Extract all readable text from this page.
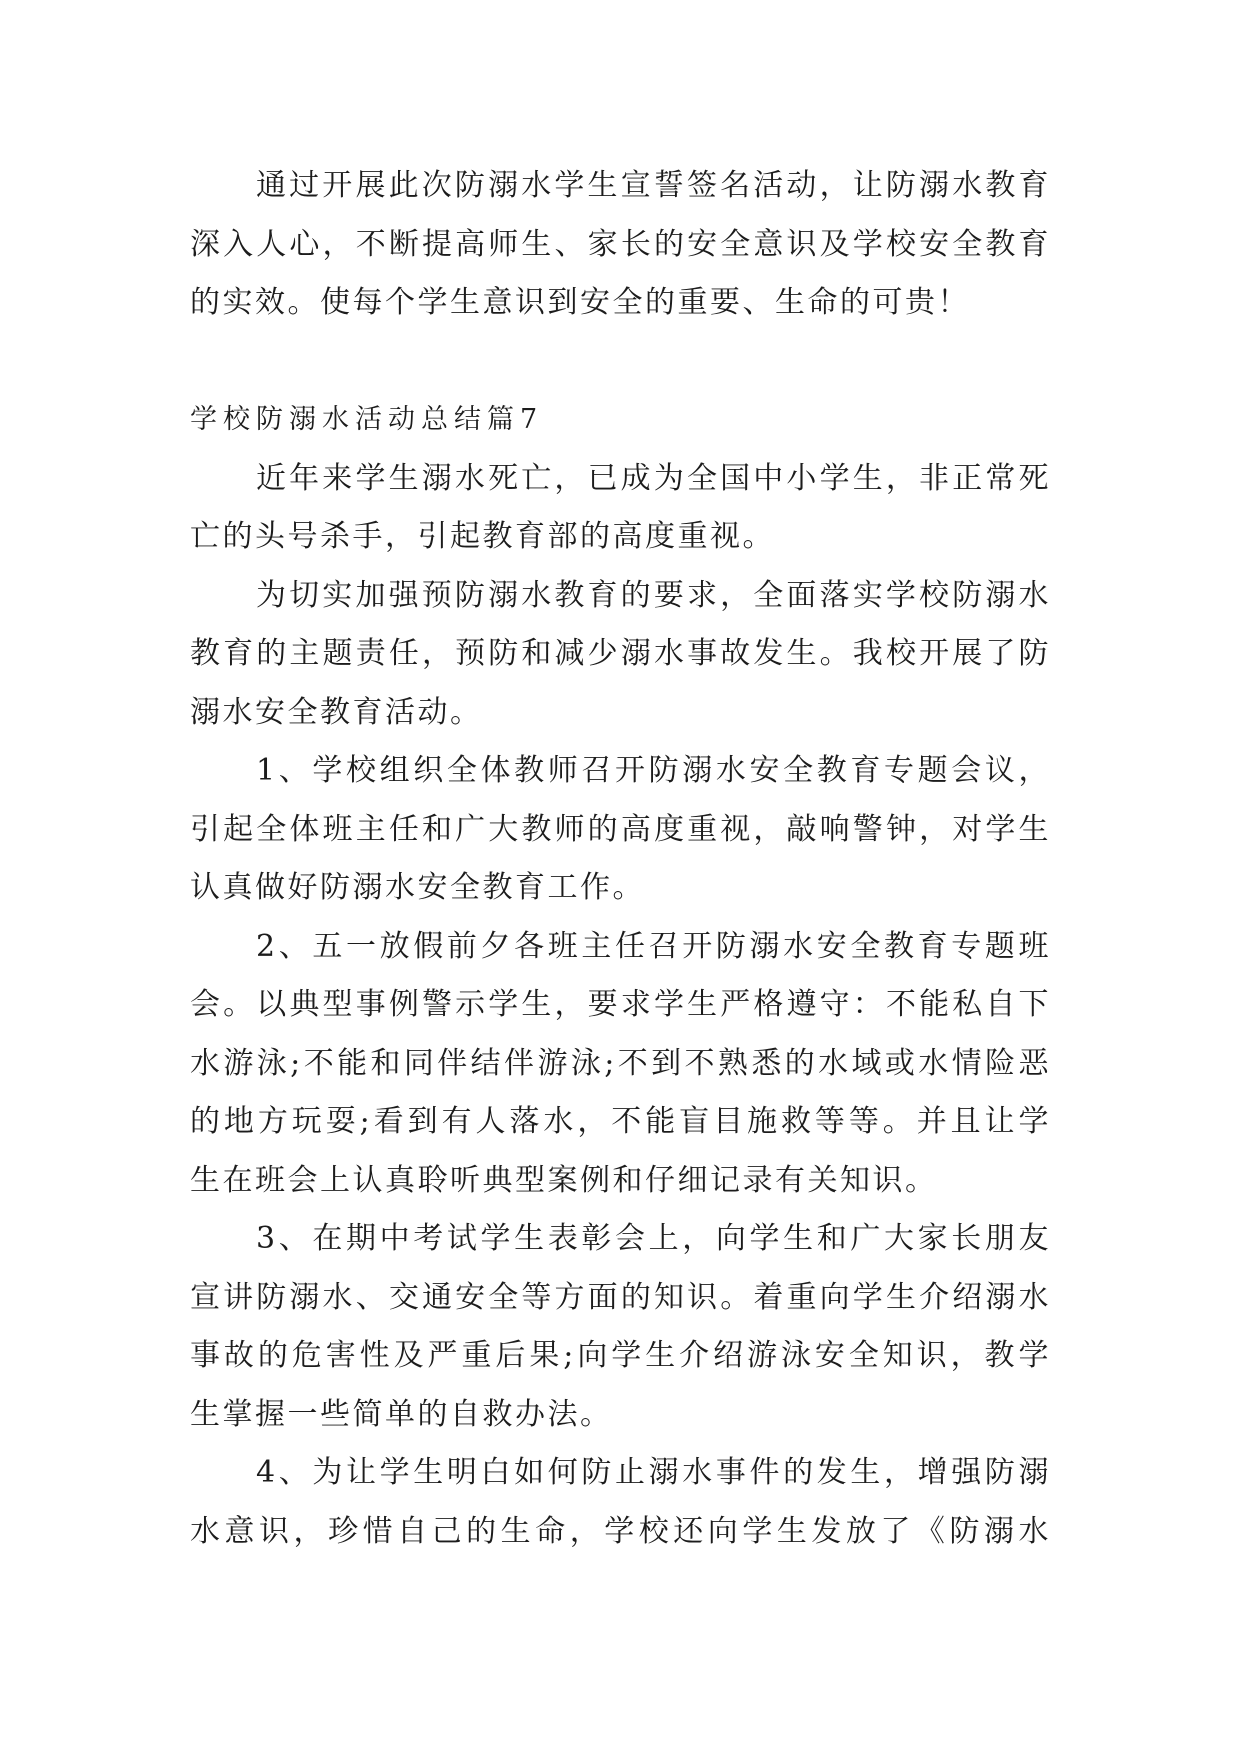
通过开展此次防溺水学生宣誓签名活动，让防溺水教育
深入人心，不断提高师生、家长的安全意识及学校安全教育
的实效。使每个学生意识到安全的重要、生命的可贵！
学校防溺水活动总结篇7
近年来学生溺水死亡，已成为全国中小学生，非正常死
亡的头号杀手，引起教育部的高度重视。
为切实加强预防溺水教育的要求，全面落实学校防溺水
教育的主题责任，预防和减少溺水事故发生。我校开展了防
溺水安全教育活动。
1、学校组织全体教师召开防溺水安全教育专题会议，
引起全体班主任和广大教师的高度重视，敲响警钟，对学生
认真做好防溺水安全教育工作。
2、五一放假前夕各班主任召开防溺水安全教育专题班
会。以典型事例警示学生，要求学生严格遵守：不能私自下
水游泳;不能和同伴结伴游泳;不到不熟悉的水域或水情险恶
的地方玩耍;看到有人落水，不能盲目施救等等。并且让学
生在班会上认真聆听典型案例和仔细记录有关知识。
3、在期中考试学生表彰会上，向学生和广大家长朋友
宣讲防溺水、交通安全等方面的知识。着重向学生介绍溺水
事故的危害性及严重后果;向学生介绍游泳安全知识，教学
生掌握一些简单的自救办法。
4、为让学生明白如何防止溺水事件的发生，增强防溺
水意识，珍惜自己的生命，学校还向学生发放了《防溺水
